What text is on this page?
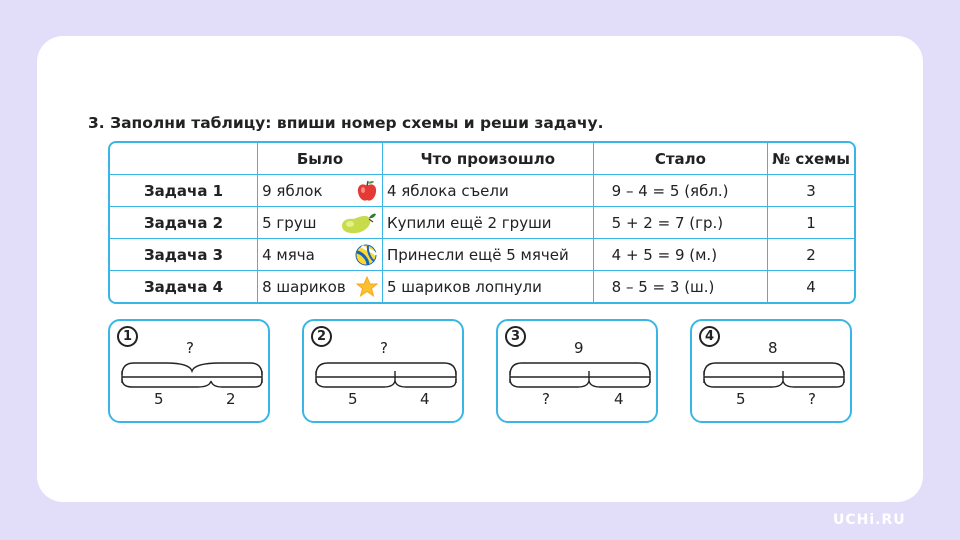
3. Заполни таблицу: впиши номер схемы и реши задачу.
	Было	Что произошло	Стало	№ схемы
Задача 1	9 яблок	4 яблока съели	9 – 4 = 5 (ябл.)	3
Задача 2	5 груш	Купили ещё 2 груши	5 + 2 = 7 (гр.)	1
Задача 3	4 мяча	Принесли ещё 5 мячей	4 + 5 = 9 (м.)	2
Задача 4	8 шариков	5 шариков лопнули	8 – 5 = 3 (ш.)	4
1
?
5	2
2
?
5	4
3
9
?	4
4
8
5	?
UCHi.RU
